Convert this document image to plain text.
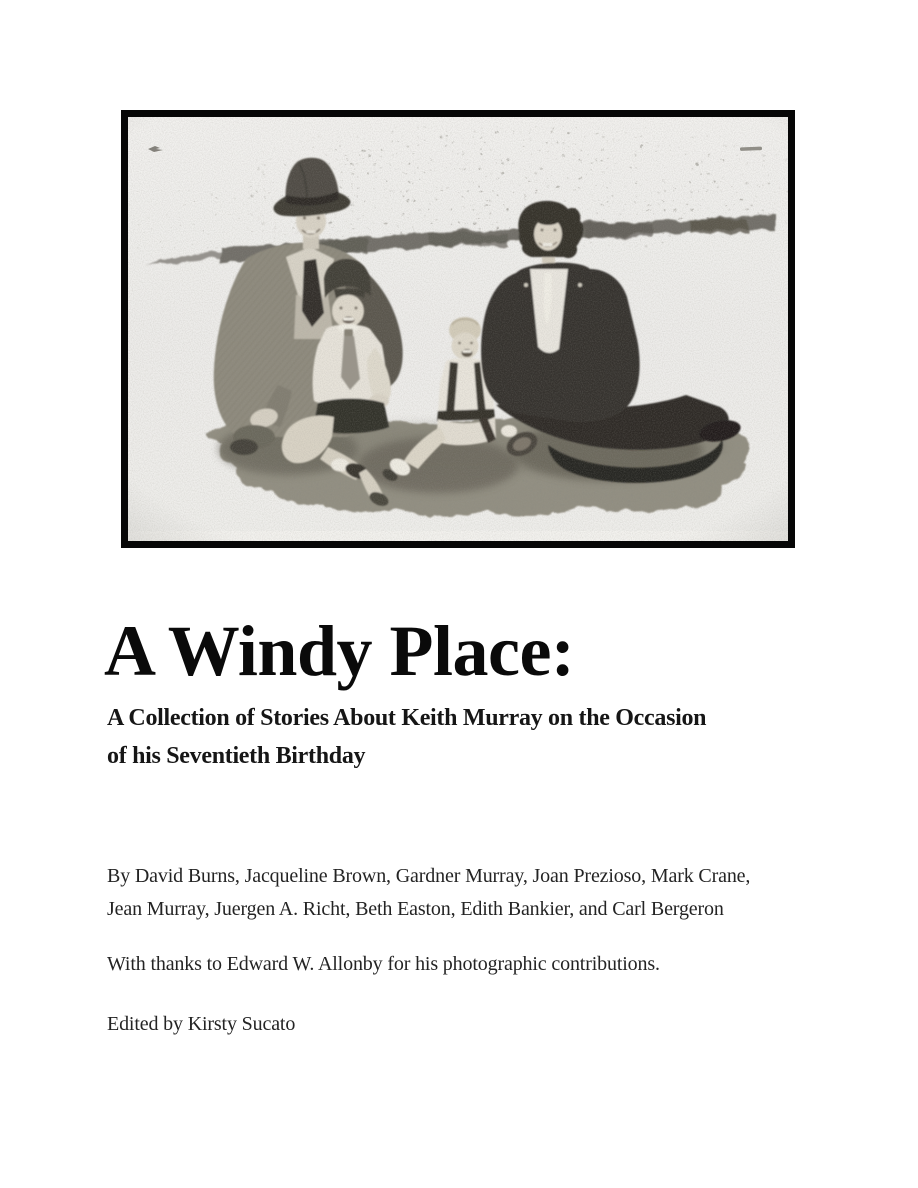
A Windy Place:
A Collection of Stories About Keith Murray on the Occasion
of his Seventieth Birthday
By David Burns, Jacqueline Brown, Gardner Murray, Joan Prezioso, Mark Crane,
Jean Murray, Juergen A. Richt, Beth Easton, Edith Bankier, and Carl Bergeron

With thanks to Edward W. Allonby for his photographic contributions.

Edited by Kirsty Sucato
